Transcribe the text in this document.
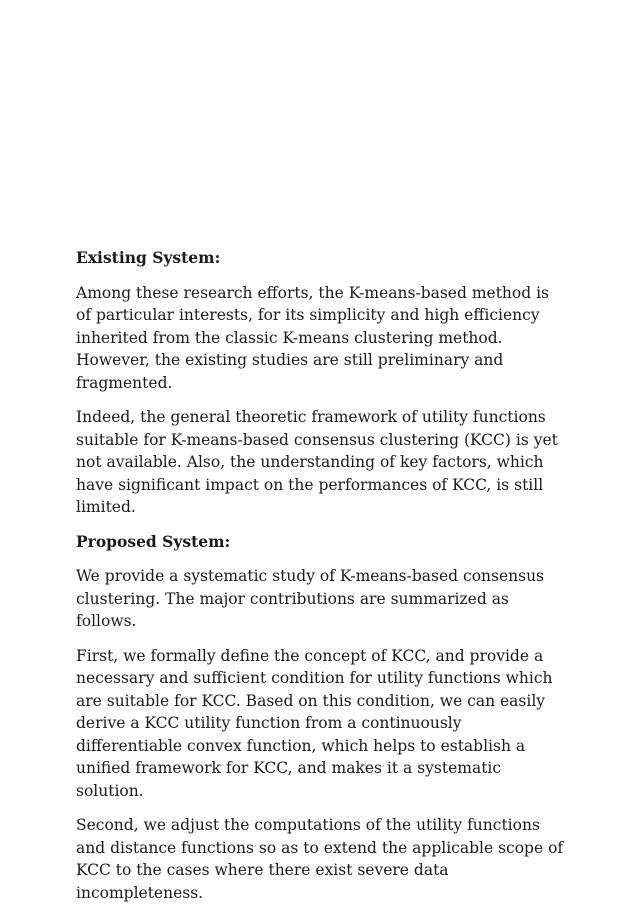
Existing System:

Among these research efforts, the K-means-based method is of particular interests, for its simplicity and high efficiency inherited from the classic K-means clustering method. However, the existing studies are still preliminary and fragmented.

Indeed, the general theoretic framework of utility functions suitable for K-means-based consensus clustering (KCC) is yet not available. Also, the understanding of key factors, which have significant impact on the performances of KCC, is still limited.

Proposed System:

We provide a systematic study of K-means-based consensus clustering. The major contributions are summarized as follows.

First, we formally define the concept of KCC, and provide a necessary and sufficient condition for utility functions which are suitable for KCC. Based on this condition, we can easily derive a KCC utility function from a continuously differentiable convex function, which helps to establish a unified framework for KCC, and makes it a systematic solution.

Second, we adjust the computations of the utility functions and distance functions so as to extend the applicable scope of KCC to the cases where there exist severe data incompleteness.
